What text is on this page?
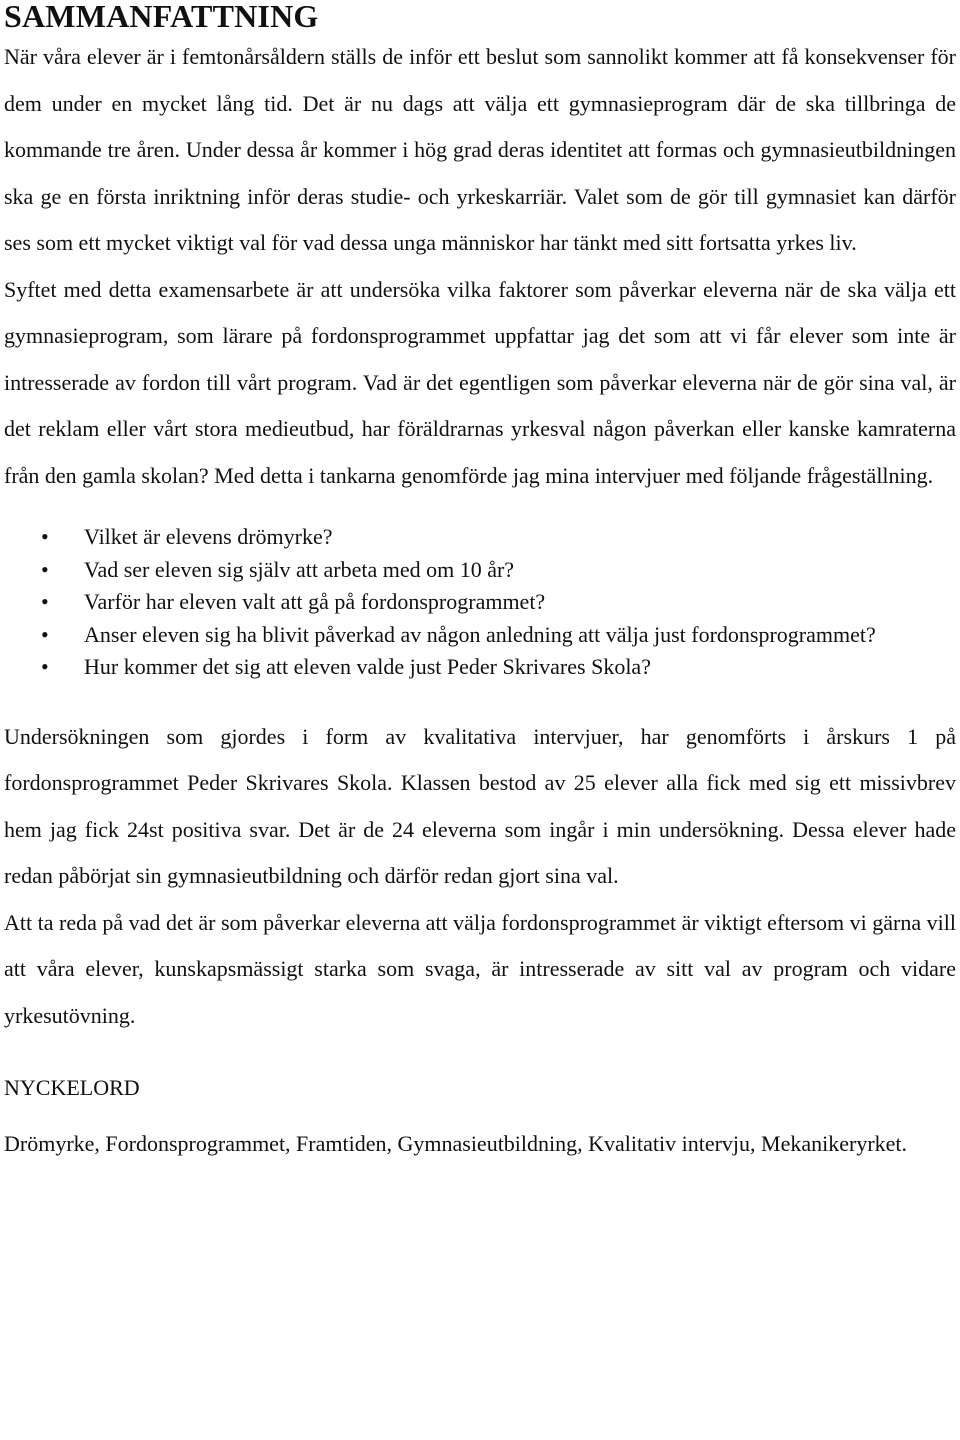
SAMMANFATTNING

När våra elever är i femtonårsåldern ställs de inför ett beslut som sannolikt kommer att få konsekvenser för dem under en mycket lång tid. Det är nu dags att välja ett gymnasieprogram där de ska tillbringa de kommande tre åren. Under dessa år kommer i hög grad deras identitet att formas och gymnasieutbildningen ska ge en första inriktning inför deras studie- och yrkeskarriär. Valet som de gör till gymnasiet kan därför ses som ett mycket viktigt val för vad dessa unga människor har tänkt med sitt fortsatta yrkes liv.

Syftet med detta examensarbete är att undersöka vilka faktorer som påverkar eleverna när de ska välja ett gymnasieprogram, som lärare på fordonsprogrammet uppfattar jag det som att vi får elever som inte är intresserade av fordon till vårt program. Vad är det egentligen som påverkar eleverna när de gör sina val, är det reklam eller vårt stora medieutbud, har föräldrarnas yrkesval någon påverkan eller kanske kamraterna från den gamla skolan? Med detta i tankarna genomförde jag mina intervjuer med följande frågeställning.

• Vilket är elevens drömyrke?
• Vad ser eleven sig själv att arbeta med om 10 år?
• Varför har eleven valt att gå på fordonsprogrammet?
• Anser eleven sig ha blivit påverkad av någon anledning att välja just fordonsprogrammet?
• Hur kommer det sig att eleven valde just Peder Skrivares Skola?

Undersökningen som gjordes i form av kvalitativa intervjuer, har genomförts i årskurs 1 på fordonsprogrammet Peder Skrivares Skola. Klassen bestod av 25 elever alla fick med sig ett missivbrev hem jag fick 24st positiva svar. Det är de 24 eleverna som ingår i min undersökning. Dessa elever hade redan påbörjat sin gymnasieutbildning och därför redan gjort sina val.

Att ta reda på vad det är som påverkar eleverna att välja fordonsprogrammet är viktigt eftersom vi gärna vill att våra elever, kunskapsmässigt starka som svaga, är intresserade av sitt val av program och vidare yrkesutövning.

NYCKELORD

Drömyrke, Fordonsprogrammet, Framtiden, Gymnasieutbildning, Kvalitativ intervju, Mekanikeryrket.
